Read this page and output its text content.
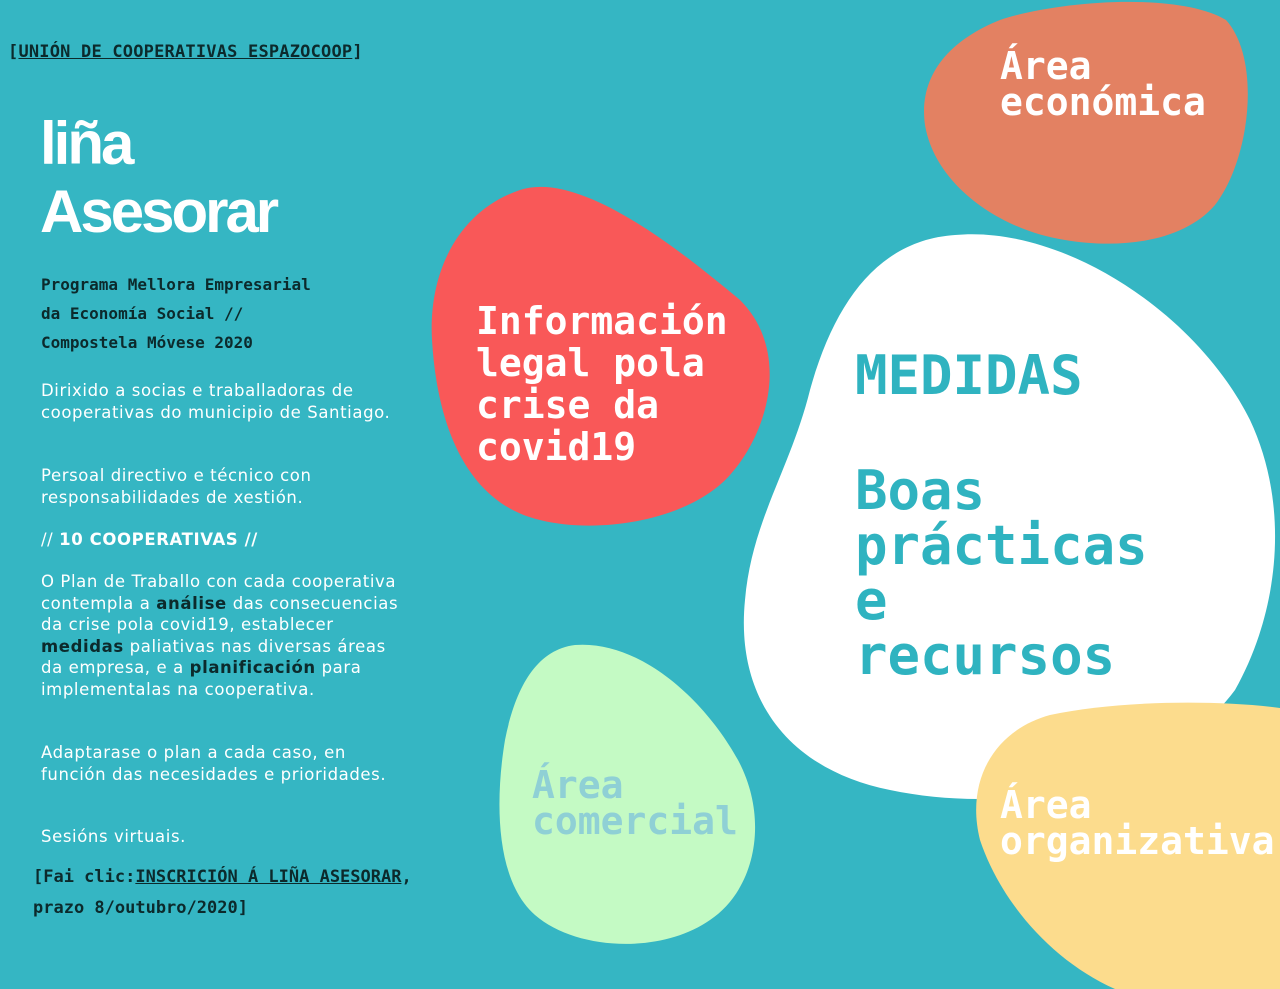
[UNIÓN DE COOPERATIVAS ESPAZOCOOP]
liña
Asesorar
Programa Mellora Empresarial
da Economía Social //
Compostela Móvese 2020

Dirixido a socias e traballadoras de cooperativas do municipio de Santiago.

Persoal directivo e técnico con responsabilidades de xestión.

// 10 COOPERATIVAS //

O Plan de Traballo con cada cooperativa contempla a análise das consecuencias da crise pola covid19, establecer medidas paliativas nas diversas áreas da empresa, e a planificación para implementalas na cooperativa.

Adaptarase o plan a cada caso, en función das necesidades e prioridades.

Sesións virtuais.

[Fai clic:INSCRICIÓN Á LIÑA ASESORAR, prazo 8/outubro/2020]
Área
económica
Información
legal pola
crise da
covid19
MEDIDAS
Boas
prácticas
e
recursos
Área
comercial	Área
organizativa
